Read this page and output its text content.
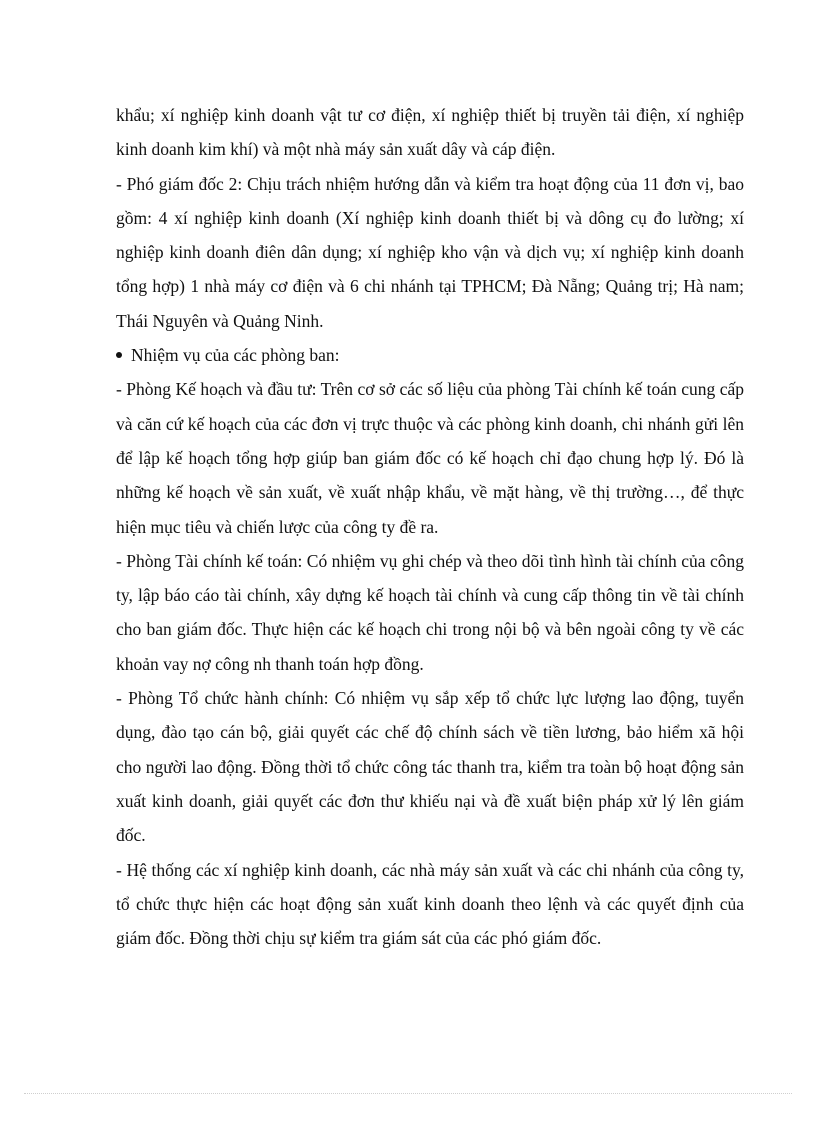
khẩu; xí nghiệp kinh doanh vật tư cơ điện, xí nghiệp thiết bị truyền tải điện, xí nghiệp kinh doanh kim khí) và một nhà máy sản xuất dây và cáp điện.

- Phó giám đốc 2: Chịu trách nhiệm hướng dẫn và kiểm tra hoạt động của 11 đơn vị, bao gồm: 4 xí nghiệp kinh doanh (Xí nghiệp kinh doanh thiết bị và dông cụ đo lường; xí nghiệp kinh doanh điên dân dụng; xí nghiệp kho vận và dịch vụ; xí nghiệp kinh doanh tổng hợp) 1 nhà máy cơ điện và 6 chi nhánh tại TPHCM; Đà Nẵng; Quảng trị; Hà nam; Thái Nguyên và Quảng Ninh.

Nhiệm vụ của các phòng ban:

- Phòng Kế hoạch và đầu tư: Trên cơ sở các số liệu của phòng Tài chính kế toán cung cấp và căn cứ kế hoạch của các đơn vị trực thuộc và các phòng kinh doanh, chi nhánh gửi lên để lập kế hoạch tổng hợp giúp ban giám đốc có kế hoạch chỉ đạo chung hợp lý. Đó là những kế hoạch về sản xuất, về xuất nhập khẩu, về mặt hàng, về thị trường…, để thực hiện mục tiêu và chiến lược của công ty đề ra.

- Phòng Tài chính kế toán: Có nhiệm vụ ghi chép và theo dõi tình hình tài chính của công ty, lập báo cáo tài chính, xây dựng kế hoạch tài chính và cung cấp thông tin về tài chính cho ban giám đốc. Thực hiện các kế hoạch chi trong nội bộ và bên ngoài công ty về các khoản vay nợ công nh thanh toán hợp đồng.

- Phòng Tổ chức hành chính: Có nhiệm vụ sắp xếp tổ chức lực lượng lao động, tuyển dụng, đào tạo cán bộ, giải quyết các chế độ chính sách về tiền lương, bảo hiểm xã hội cho người lao động. Đồng thời tổ chức công tác thanh tra, kiểm tra toàn bộ hoạt động sản xuất kinh doanh, giải quyết các đơn thư khiếu nại và đề xuất biện pháp xử lý lên giám đốc.

- Hệ thống các xí nghiệp kinh doanh, các nhà máy sản xuất và các chi nhánh của công ty, tổ chức thực hiện các hoạt động sản xuất kinh doanh theo lệnh và các quyết định của giám đốc. Đồng thời chịu sự kiểm tra giám sát của các phó giám đốc.
